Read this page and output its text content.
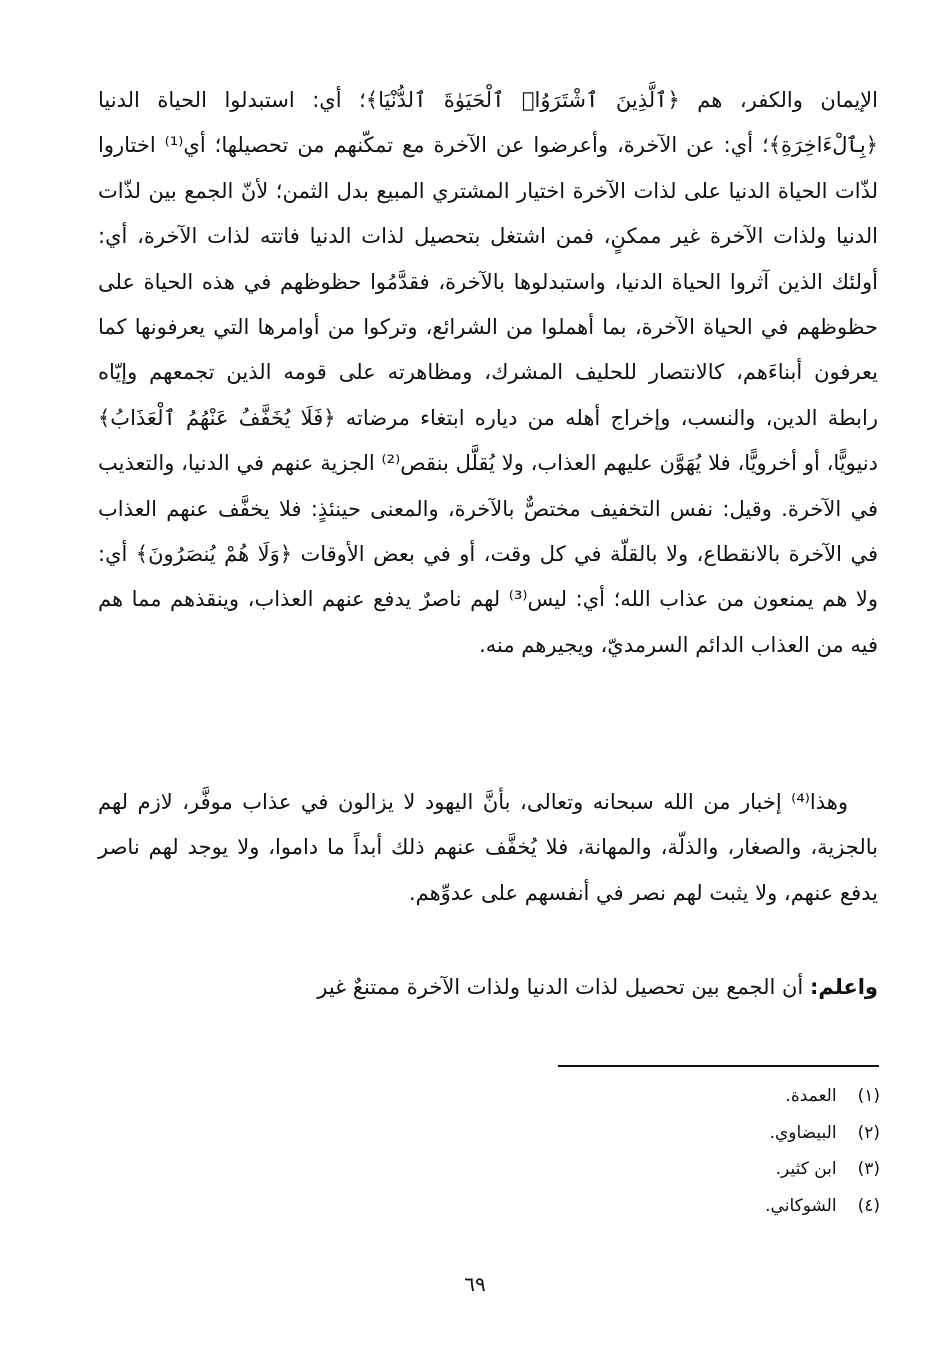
الإيمان والكفر، هم ﴿ٱلَّذِينَ ٱشْتَرَوُا۟ ٱلْحَيَوٰةَ ٱلدُّنْيَا﴾؛ أي: استبدلوا الحياة الدنيا ﴿بِٱلْءَاخِرَةِ﴾؛ أي: عن الآخرة، وأعرضوا عن الآخرة مع تمكّنهم من تحصيلها؛ أي⁽¹⁾ اختاروا لذّات الحياة الدنيا على لذات الآخرة اختيار المشتري المبيع بدل الثمن؛ لأنّ الجمع بين لذّات الدنيا ولذات الآخرة غير ممكنٍ، فمن اشتغل بتحصيل لذات الدنيا فاتته لذات الآخرة، أي: أولئك الذين آثروا الحياة الدنيا، واستبدلوها بالآخرة، فقدَّمُوا حظوظهم في هذه الحياة على حظوظهم في الحياة الآخرة، بما أهملوا من الشرائع، وتركوا من أوامرها التي يعرفونها كما يعرفون أبناءَهم، كالانتصار للحليف المشرك، ومظاهرته على قومه الذين تجمعهم وإيّاه رابطة الدين، والنسب، وإخراج أهله من دياره ابتغاء مرضاته ﴿فَلَا يُخَفَّفُ عَنْهُمُ ٱلْعَذَابُ﴾ دنيويًّا، أو أخرويًّا، فلا يُهَوَّن عليهم العذاب، ولا يُقلَّل بنقص⁽²⁾ الجزية عنهم في الدنيا، والتعذيب في الآخرة. وقيل: نفس التخفيف مختصٌّ بالآخرة، والمعنى حينئذٍ: فلا يخفَّف عنهم العذاب في الآخرة بالانقطاع، ولا بالقلّة في كل وقت، أو في بعض الأوقات ﴿وَلَا هُمْ يُنصَرُونَ﴾ أي: ولا هم يمنعون من عذاب الله؛ أي: ليس⁽³⁾ لهم ناصرٌ يدفع عنهم العذاب، وينقذهم مما هم فيه من العذاب الدائم السرمديّ، ويجيرهم منه.

وهذا⁽⁴⁾ إخبار من الله سبحانه وتعالى، بأنَّ اليهود لا يزالون في عذاب موفَّر، لازم لهم بالجزية، والصغار، والذلّة، والمهانة، فلا يُخفَّف عنهم ذلك أبداً ما داموا، ولا يوجد لهم ناصر يدفع عنهم، ولا يثبت لهم نصر في أنفسهم على عدوِّهم.

واعلم: أن الجمع بين تحصيل لذات الدنيا ولذات الآخرة ممتنعٌ غير

(١) العمدة.
(٢) البيضاوي.
(٣) ابن كثير.
(٤) الشوكاني.
٦٩
